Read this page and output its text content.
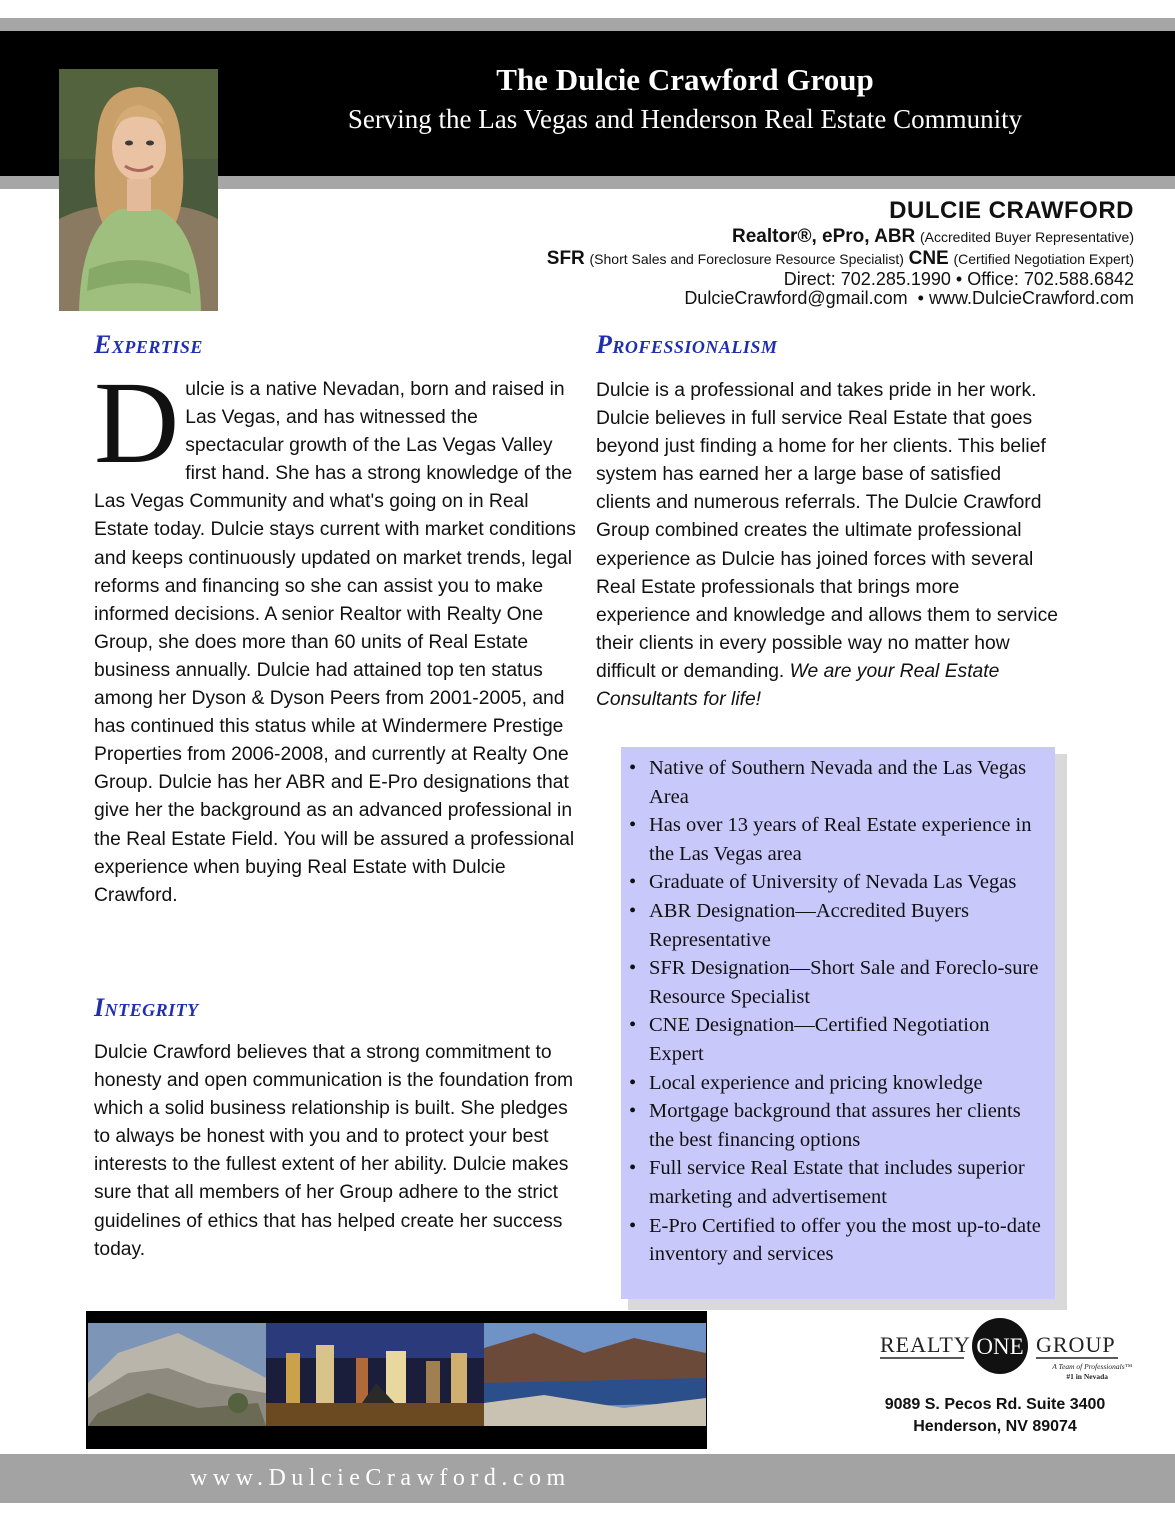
The Dulcie Crawford Group
Serving the Las Vegas and Henderson Real Estate Community
DULCIE CRAWFORD
Realtor®, ePro, ABR (Accredited Buyer Representative)
SFR (Short Sales and Foreclosure Resource Specialist) CNE (Certified Negotiation Expert)
Direct: 702.285.1990 • Office: 702.588.6842
DulcieCrawford@gmail.com  • www.DulcieCrawford.com
Expertise
D ulcie is a native Nevadan, born and raised in Las Vegas, and has witnessed the spectacular growth of the Las Vegas Valley first hand. She has a strong knowledge of the Las Vegas Community and what's going on in Real Estate today. Dulcie stays current with market conditions and keeps continuously updated on market trends, legal reforms and financing so she can assist you to make informed decisions. A senior Realtor with Realty One Group, she does more than 60 units of Real Estate business annually. Dulcie had attained top ten status among her Dyson & Dyson Peers from 2001-2005, and has continued this status while at Windermere Prestige Properties from 2006-2008, and currently at Realty One Group. Dulcie has her ABR and E-Pro designations that give her the background as an advanced professional in the Real Estate Field. You will be assured a professional experience when buying Real Estate with Dulcie Crawford.
Integrity
Dulcie Crawford believes that a strong commitment to honesty and open communication is the foundation from which a solid business relationship is built. She pledges to always be honest with you and to protect your best interests to the fullest extent of her ability. Dulcie makes sure that all members of her Group adhere to the strict guidelines of ethics that has helped create her success today.
Professionalism
Dulcie is a professional and takes pride in her work. Dulcie believes in full service Real Estate that goes beyond just finding a home for her clients. This belief system has earned her a large base of satisfied clients and numerous referrals. The Dulcie Crawford Group combined creates the ultimate professional experience as Dulcie has joined forces with several Real Estate professionals that brings more experience and knowledge and allows them to service their clients in every possible way no matter how difficult or demanding. We are your Real Estate Consultants for life!
• Native of Southern Nevada and the Las Vegas Area
• Has over 13 years of Real Estate experience in the Las Vegas area
• Graduate of University of Nevada Las Vegas
• ABR Designation—Accredited Buyers Representative
• SFR Designation—Short Sale and Foreclo-sure Resource Specialist
• CNE Designation—Certified Negotiation Expert
• Local experience and pricing knowledge
• Mortgage background that assures her clients the best financing options
• Full service Real Estate that includes superior marketing and advertisement
• E-Pro Certified to offer you the most up-to-date inventory and services
REALTY ONE GROUP
A Team of Professionals™
#1 in Nevada
9089 S. Pecos Rd. Suite 3400
Henderson, NV 89074
www.DulcieCrawford.com
